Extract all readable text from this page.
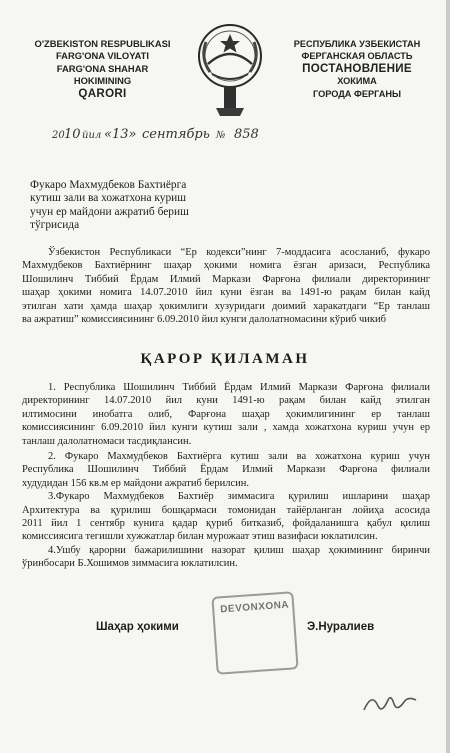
O'ZBEKISTON RESPUBLIKASI
FARG'ONA VILOYATI
FARG'ONA SHAHAR
HOKIMINING
QARORI
РЕСПУБЛИКА УЗБЕКИСТАН
ФЕРГАНСКАЯ ОБЛАСТЬ
ПОСТАНОВЛЕНИЕ
ХОКИМА
ГОРОДА ФЕРГАНЫ
20 10 йил «13» сентябрь № 858
Фукаро Махмудбеков Бахтиёрга
кутиш зали ва хожатхона куриш
учун ер майдони ажратиб бериш
тўгрисида
Ўзбекистон Республикаси “Ер кодекси”нинг 7-моддасига асосланиб, фукаро
Махмудбеков Бахтиёрнинг шаҳар ҳокими номига ёзган аризаси, Республика
Шошилинч Тиббий Ёрдам Илмий Маркази Фарғона филиали директорининг
шаҳар ҳокими номига 14.07.2010 йил куни ёзган ва 1491-ю рақам билан кайд
этилган хати ҳамда шаҳар ҳокимлиги хузуридаги доимий харакатдаги “Ер танлаш
ва ажратиш” комиссиясининг 6.09.2010 йил кунги далолатномасини кўриб чикиб
ҚАРОР ҚИЛАМАН
1. Республика Шошилинч Тиббий Ёрдам Илмий Маркази Фарғона филиали
директорининг 14.07.2010 йил куни 1491-ю рақам билан кайд этилган
илтимосини инобатга олиб, Фарғона шаҳар ҳокимлигининг ер танлаш
комиссиясининг 6.09.2010 йил кунги кутиш зали , хамда хожатхона куриш учун ер
танлаш далолатномаси тасдиқлансин.
2. Фукаро Махмудбеков Бахтиёрга кутиш зали ва хожатхона куриш учун
Республика Шошилинч Тиббий Ёрдам Илмий Маркази Фарғона филиали
худудидан 156 кв.м ер майдони ажратиб берилсин.
3.Фукаро Махмудбеков Бахтиёр зиммасига қурилиш ишларини шаҳар
Архитектура ва қурилиш бошқармаси томонидан тайёрланган лойиҳа асосида
2011 йил 1 сентябр кунига қадар қуриб битказиб, фойдаланишга қабул қилиш
комиссиясига тегишли хужжатлар билан мурожаат этиш вазифаси юклатилсин.
4.Ушбу қарорни бажарилишини назорат қилиш шаҳар ҳокимининг биринчи
ўринбосари Б.Хошимов зиммасига юклатилсин.
Шаҳар ҳокими
DEVONXONA
Э.Нуралиев
